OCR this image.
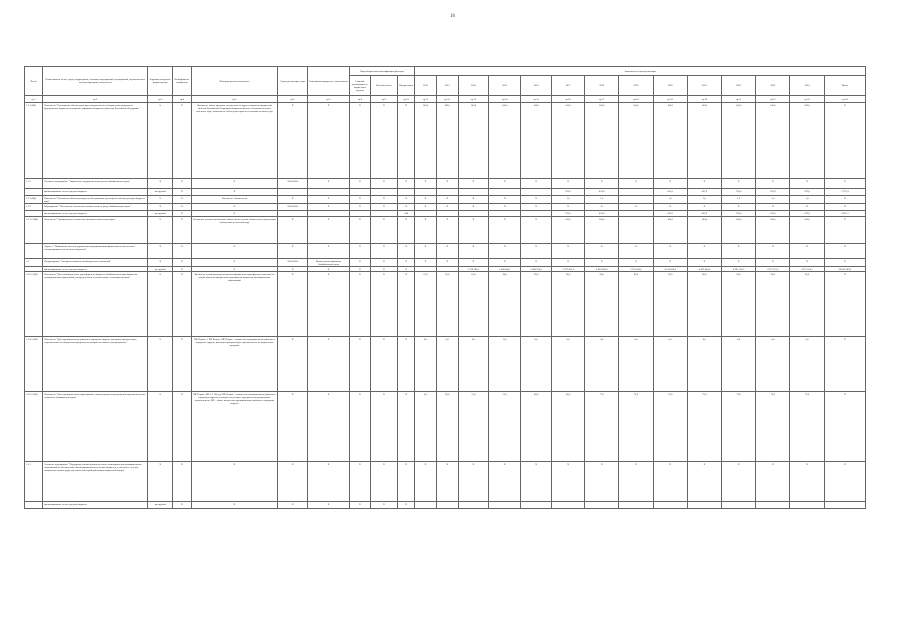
16
№ п/п	Наименование целей, задач, подпрограмм, основных мероприятий, мероприятий, ведомственных целевых программ, показателей	Единица измерения/ форма оценки	Коэф-фициент значимости	Методика расчёта показателя	Сроки реализации, годы	Главный распорядитель / исполнитель	Коды бюджетной классификации расходов			Значения по годам реализации													
							Главный распорядитель бюджетных средств	Целевая статья	Вид расходов	2012	2013	2014	2015	2016	2017	2018	2019	2020	2021	2022	2023	2024	Итого
гр.1	гр.2	гр.3	гр.4	гр.5	гр.6	гр.7	гр.8	гр.9	гр.10	гр.11	гр.12	гр.13	гр.14	гр.15	гр.16	гр.17	гр.18	гр.19	гр.20	гр.21	гр.22	гр.23	гр.24
1.2.1 (Ц4)	Показатель "Уменьшение объема долга края, выраженного по бюджетным кредитам из федерального бюджета на покрытие дефицитов бюджетов субъектов Российской Федерации"	%	X	Числитель: объем кредитов, полученных от других бюджетов бюджетной системы Российской Федерации бюджетом края по состоянию на конец отчетного года; знаменатель: объем долга края по состоянию на конец года	X	X	X	X	X	100,0	100,0	100,0	100,0	100,0	100,0	100,0	100,0	100,0	100,0	100,0	100,0	100,0	X
1.2.2	Основное мероприятие "Управление государственным долгом Забайкальского края"	X	X	X	2014-2024	X	X	X	X	X	X	X	X	X	X	X	X	X	X	X	X	X	X
	финансирование за счет средств бюджета	тыс.рублей	X	X											879,6	874,9		825,0	822,9	729,4	679,8	679,8	2 797,4
1.2.2 (Ц4)	Показатель "Отношение объема расходов на обслуживание долга края к объему расходов бюджета края"	%	X	Числитель / Знаменатель	X	X	X	X	X	X	X	X	X	X	1,0	1,0		1,0	1,0	1,0	1,0	1,0	X
1.2.3	Мероприятие "Обеспечение исполнения обязательств по долгу Забайкальского края"	X	X	X	2014-2024	X	X	X	X	X	X	X	X	X	X	X	X	X	X	X	X	X	X
	финансирование за счет средств бюджета	тыс.рублей	X	X					244						879,6	874,9		825,0	822,9	729,4	679,8	679,8	4 907,3
1.2.3.1 (Ц4)	Показатель "Своевременное исполнение долговых обязательств края"	%	X	Отношение суммы исполненных обязательств к сумме обязательств, подлежащих исполнению в отчетном году	X	X	X	X	X	X	X	X	X	X	100,0	100,0		100,0	100,0	100,0	100,0	100,0	X
	Задача 3. "Повышение качества управления муниципальными финансами и обеспечение сбалансированности местных бюджетов"	X	X	X	X	X	X	X	X	X	X	X	X	X	X	X	X	X	X	X	X	X	X
1.3	Подпрограмма "Совершенствование межбюджетных отношений"	X	X	X	2014-2024	Министерство финансов Забайкальского края	X	X	X	X	X	X	X	X	X	X	X	X	X	X	X	X	X
	финансирование за счет средств бюджета	тыс.рублей	X	X	X	X	X	X	X			2 128 288,1	2 048 404,7	2 468 070,0	2 379 433,4	4 609 686,0	3 716 854,6	4 154 098,4	4 497 400,0	4 991 160,3	4 771 011,5	4 971 614,1	38 603 006,6
1.3.0.1 (Ц5)	Показатель "Доля межбюджетных трансфертов из бюджета Забайкальского края бюджетам муниципальных образований, распределенных в соответствии с законодательством"	%	X	Числитель: сумма распределенных межбюджетных трансфертов; знаменатель: общий объем межбюджетных трансфертов бюджетам муниципальных образований	X	X	X	X	X	97,0	95,0	81,0	90,0	96,0	90,0	90,0	90,0	90,0	90,0	90,0	90,0	90,0	X
1.3.0.2 (Ц5)	Показатель "Доля муниципальных районов и городских округов, имеющих просроченную задолженность по бюджетным кредитам, по которым на начало года просрочено"	%	X	МР Первое: 1 МР Второе; МР Первое – количество муниципальных районов и городских округов, имеющих просроченную задолженность по бюджетным кредитам	X	X	X	X	X	0,0	0,0	0,0	0,0	0,0	0,0	0,0	0,0	0,0	0,0	0,0	0,0	0,0	X
1.3.0.3 (Ц5)	Показатель "Доля муниципальных образований с низким уровнем кредиторской задолженности по социально значимым расходам"	%	X	МР Первое: МР 1/1 100; где МР Первое – количество муниципальных районов и городских округов, в которых отсутствует просроченная кредиторская задолженность, МР – общее количество муниципальных районов и городских округов	X	X	X	X	X	0,0	60,0	73,0	75,0	80,0	80,0	77,0	79,0	79,0	79,0	79,0	79,0	79,0	X
1.3.1	Основное мероприятие "Поддержка усилий органов местного самоуправления муниципальных образований по обеспечению сбалансированности местных бюджетов, в том числе с учетом повышения оплаты труда отдельных категорий работников бюджетной сферы"	X	X	X	X	X	X	X	X	X	X	X	X	X	X	X	X	X	X	X	X	X	X
	финансирование за счет средств бюджета	тыс.рублей	X	X	X	X	X	X	X														
